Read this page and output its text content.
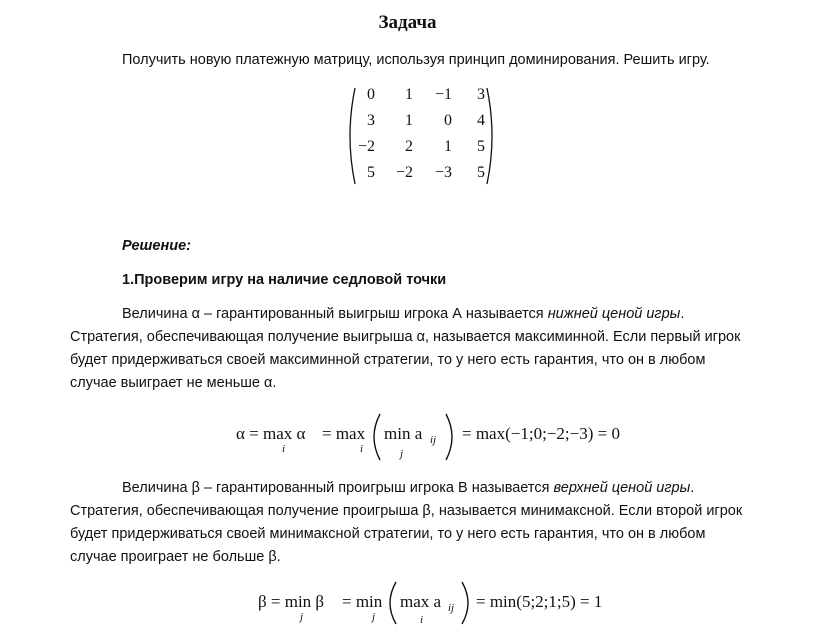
Задача
Получить новую платежную матрицу, используя принцип доминирования. Решить игру.
0	1	−1	3
3	1	0	4
−2	2	1	5
5	−2	−3	5
Решение:
1.Проверим игру на наличие седловой точки
Величина α – гарантированный выигрыш игрока А называется нижней ценой игры.
Стратегия, обеспечивающая получение выигрыша α, называется максиминной. Если первый игрок
будет придерживаться своей максиминной стратегии, то у него есть гарантия, что он в любом
случае выиграет не меньше α.
α = max α
i
= max
i
min a ij
j
= max(−1;0;−2;−3) = 0
Величина β – гарантированный проигрыш игрока В называется верхней ценой игры.
Стратегия, обеспечивающая получение проигрыша β, называется минимаксной. Если второй игрок
будет придерживаться своей минимаксной стратегии, то у него есть гарантия, что он в любом
случае проиграет не больше β.
β = min β
j
= min
j
max a ij
i
= min(5;2;1;5) = 1
